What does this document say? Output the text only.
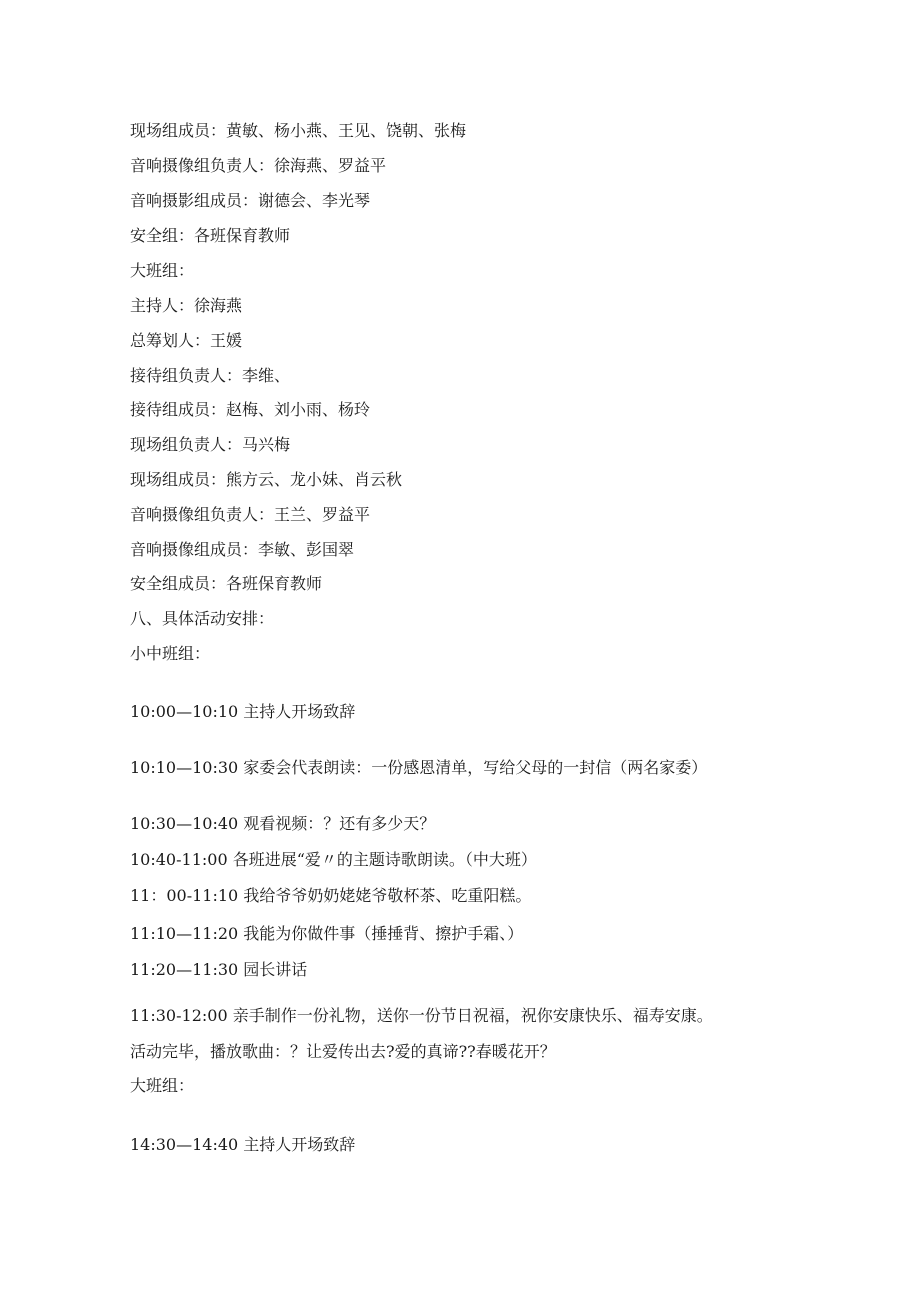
现场组成员：黄敏、杨小燕、王见、饶朝、张梅

音响摄像组负责人：徐海燕、罗益平

音响摄影组成员：谢德会、李光琴

安全组：各班保育教师

大班组：

主持人：徐海燕

总筹划人：王媛

接待组负责人：李维、

接待组成员：赵梅、刘小雨、杨玲

现场组负责人：马兴梅

现场组成员：熊方云、龙小妹、肖云秋

音响摄像组负责人：王兰、罗益平

音响摄像组成员：李敏、彭国翠

安全组成员：各班保育教师

八、具体活动安排：

小中班组：

10:00—10:10 主持人开场致辞

10:10—10:30 家委会代表朗读：一份感恩清单，写给父母的一封信（两名家委）

10:30—10:40 观看视频：？还有多少天？

10:40-11:00 各班进展“爱〃的主题诗歌朗读。（中大班）

11：00-11:10 我给爷爷奶奶姥姥爷敬杯茶、吃重阳糕。

11:10—11:20 我能为你做件事（捶捶背、擦护手霜、）

11:20—11:30 园长讲话

11:30-12:00 亲手制作一份礼物，送你一份节日祝福，祝你安康快乐、福寿安康。

活动完毕，播放歌曲：？让爱传出去?爱的真谛??春暖花开？

大班组：

14:30—14:40 主持人开场致辞
